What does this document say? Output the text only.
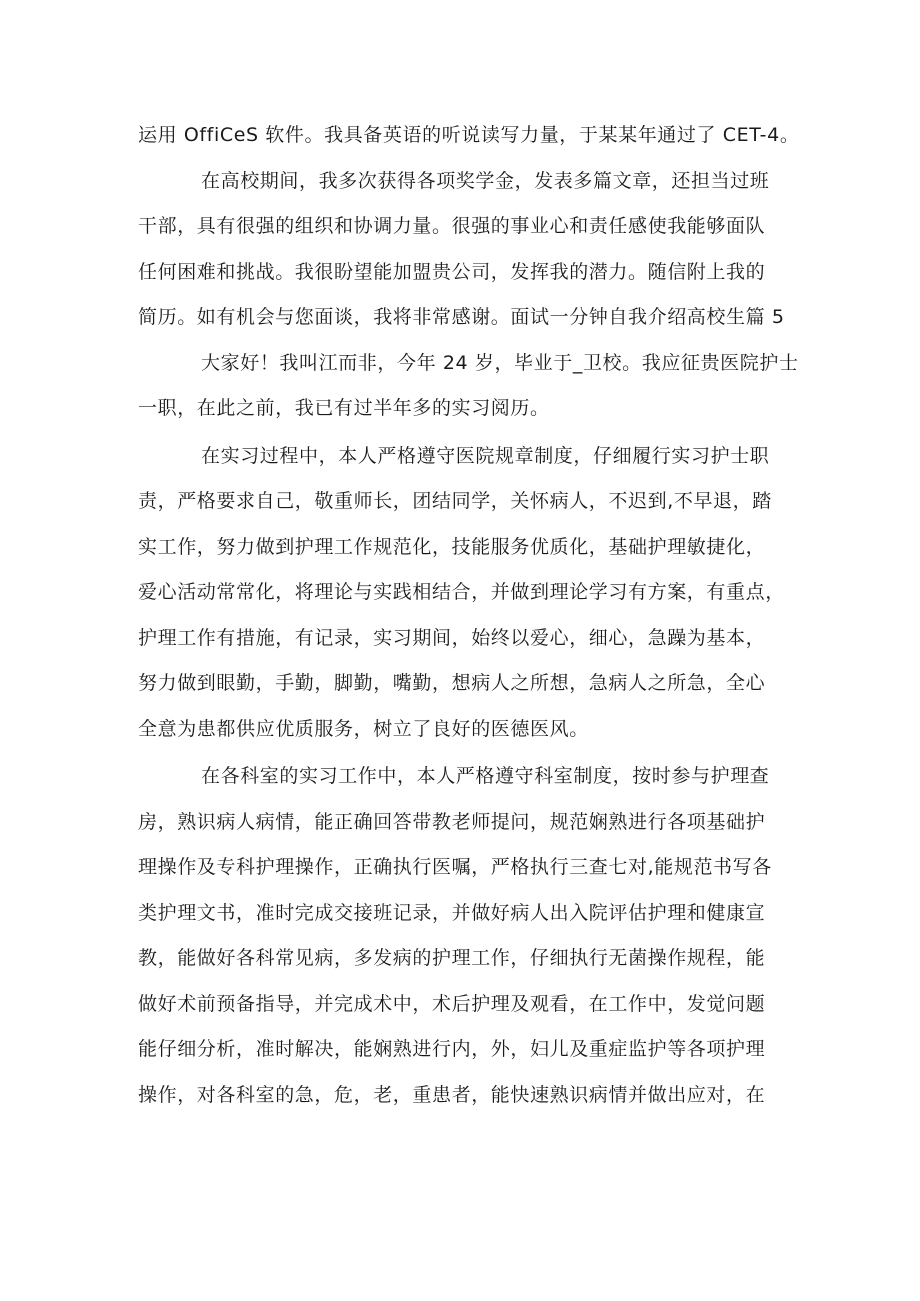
运用 OffiCeS 软件。我具备英语的听说读写力量，于某某年通过了 CET-4。
在高校期间，我多次获得各项奖学金，发表多篇文章，还担当过班
干部，具有很强的组织和协调力量。很强的事业心和责任感使我能够面队
任何困难和挑战。我很盼望能加盟贵公司，发挥我的潜力。随信附上我的
简历。如有机会与您面谈，我将非常感谢。面试一分钟自我介绍高校生篇 5
大家好！我叫江而非，今年 24 岁，毕业于_卫校。我应征贵医院护士
一职，在此之前，我已有过半年多的实习阅历。
在实习过程中，本人严格遵守医院规章制度，仔细履行实习护士职
责，严格要求自己，敬重师长，团结同学，关怀病人，不迟到,不早退，踏
实工作，努力做到护理工作规范化，技能服务优质化，基础护理敏捷化，
爱心活动常常化，将理论与实践相结合，并做到理论学习有方案，有重点，
护理工作有措施，有记录，实习期间，始终以爱心，细心，急躁为基本，
努力做到眼勤，手勤，脚勤，嘴勤，想病人之所想，急病人之所急，全心
全意为患都供应优质服务，树立了良好的医德医风。
在各科室的实习工作中，本人严格遵守科室制度，按时参与护理查
房，熟识病人病情，能正确回答带教老师提问，规范娴熟进行各项基础护
理操作及专科护理操作，正确执行医嘱，严格执行三查七对,能规范书写各
类护理文书，准时完成交接班记录，并做好病人出入院评估护理和健康宣
教，能做好各科常见病，多发病的护理工作，仔细执行无菌操作规程，能
做好术前预备指导，并完成术中，术后护理及观看，在工作中，发觉问题
能仔细分析，准时解决，能娴熟进行内，外，妇儿及重症监护等各项护理
操作，对各科室的急，危，老，重患者，能快速熟识病情并做出应对，在
